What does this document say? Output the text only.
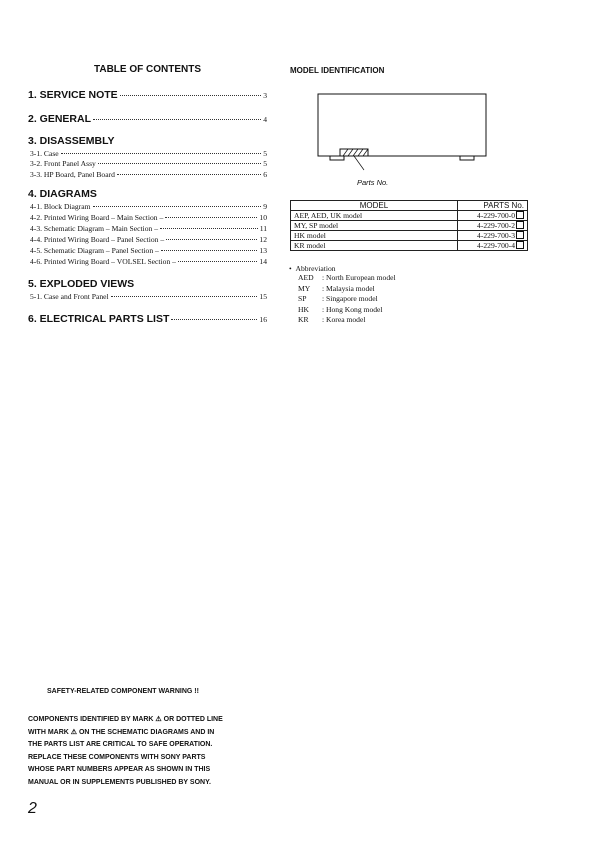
TABLE OF CONTENTS
1. SERVICE NOTE	3
2. GENERAL	4
3. DISASSEMBLY
3-1. Case	5
3-2. Front Panel Assy	5
3-3. HP Board, Panel Board	6
4. DIAGRAMS
4-1. Block Diagram	9
4-2. Printed Wiring Board – Main Section –	10
4-3. Schematic Diagram – Main Section –	11
4-4. Printed Wiring Board – Panel Section –	12
4-5. Schematic Diagram – Panel Section –	13
4-6. Printed Wiring Board – VOLSEL Section –	14
5. EXPLODED VIEWS
5-1. Case and Front Panel	15
6. ELECTRICAL PARTS LIST	16
MODEL IDENTIFICATION
Parts No.
MODEL	PARTS No.
AEP, AED, UK model	4-229-700-0
MY, SP model	4-229-700-2
HK model	4-229-700-3
KR model	4-229-700-4
• Abbreviation
AED	: North European model
MY	: Malaysia model
SP	: Singapore model
HK	: Hong Kong model
KR	: Korea model
SAFETY-RELATED COMPONENT WARNING !!
COMPONENTS IDENTIFIED BY MARK ⚠ OR DOTTED LINE
WITH MARK ⚠ ON THE SCHEMATIC DIAGRAMS AND IN
THE PARTS LIST ARE CRITICAL TO SAFE OPERATION.
REPLACE THESE COMPONENTS WITH SONY PARTS
WHOSE PART NUMBERS APPEAR AS SHOWN IN THIS
MANUAL OR IN SUPPLEMENTS PUBLISHED BY SONY.
2
